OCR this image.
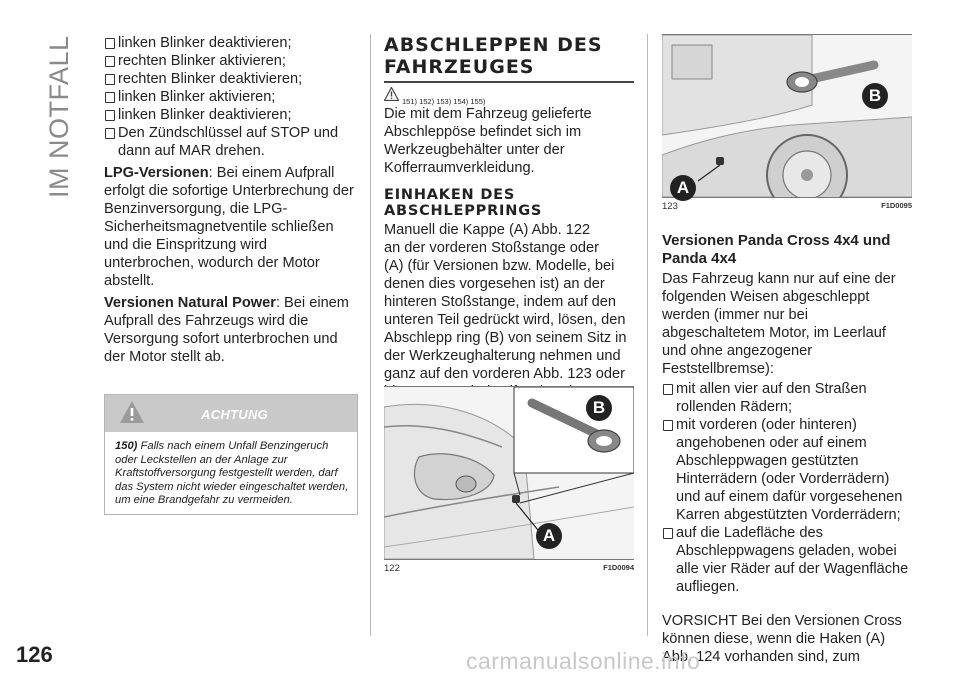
IM NOTFALL	linken Blinker deaktivieren;
rechten Blinker aktivieren;
rechten Blinker deaktivieren;
linken Blinker aktivieren;
linken Blinker deaktivieren;
Den Zündschlüssel auf STOP und dann auf MAR drehen.

LPG-Versionen: Bei einem Aufprall erfolgt die sofortige Unterbrechung der Benzinversorgung, die LPG-Sicherheitsmagnetventile schließen und die Einspritzung wird unterbrochen, wodurch der Motor abstellt.

Versionen Natural Power: Bei einem Aufprall des Fahrzeugs wird die Versorgung sofort unterbrochen und der Motor stellt ab.

ACHTUNG
150) Falls nach einem Unfall Benzingeruch oder Leckstellen an der Anlage zur Kraftstoffversorgung festgestellt werden, darf das System nicht wieder eingeschaltet werden, um eine Brandgefahr zu vermeiden.
ABSCHLEPPEN DES FAHRZEUGES
151) 152) 153) 154) 155)

Die mit dem Fahrzeug gelieferte Abschleppöse befindet sich im Werkzeugbehälter unter der Kofferraumverkleidung.

EINHAKEN DES ABSCHLEPPRINGS

Manuell die Kappe (A) Abb. 122
an der vorderen Stoßstange oder
(A) (für Versionen bzw. Modelle, bei
denen dies vorgesehen ist) an der
hinteren Stoßstange, indem auf den
unteren Teil gedrückt wird, lösen, den
Abschlepp ring (B) von seinem Sitz in
der Werkzeughalterung nehmen und
ganz auf den vorderen Abb. 123 oder

B
A
122	F1D0094
B
A
123	F1D0095
Versionen Panda Cross 4x4 und Panda 4x4

Das Fahrzeug kann nur auf eine der folgenden Weisen abgeschleppt werden (immer nur bei abgeschaltetem Motor, im Leerlauf und ohne angezogener Feststellbremse):

mit allen vier auf den Straßen rollenden Rädern;
mit vorderen (oder hinteren) angehobenen oder auf einem Abschleppwagen gestützten Hinterrädern (oder Vorderrädern) und auf einem dafür vorgesehenen Karren abgestützten Vorderrädern;
auf die Ladefläche des Abschleppwagens geladen, wobei alle vier Räder auf der Wagenfläche aufliegen.

VORSICHT Bei den Versionen Cross können diese, wenn die Haken (A) Abb. 124 vorhanden sind, zum

126	carmanualsonline.info
